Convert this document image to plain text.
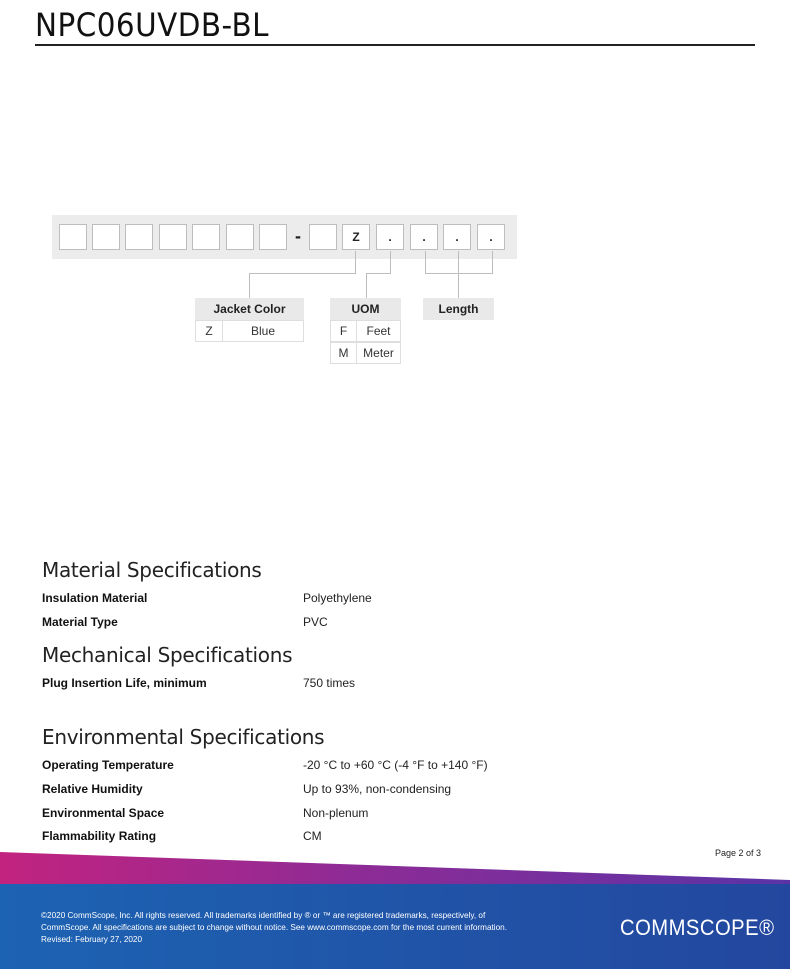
NPC06UVDB-BL
-	Z	.	.	.	.
Jacket Color
Z	Blue
UOM
F	Feet
M	Meter
Length
Material Specifications
Insulation Material	Polyethylene
Material Type	PVC
Mechanical Specifications
Plug Insertion Life, minimum	750 times
Environmental Specifications
Operating Temperature	-20 °C to +60 °C (-4 °F to +140 °F)
Relative Humidity	Up to 93%, non-condensing
Environmental Space	Non-plenum
Flammability Rating	CM
Page 2 of 3
©2020 CommScope, Inc. All rights reserved. All trademarks identified by ® or ™ are registered trademarks, respectively, of CommScope. All specifications are subject to change without notice. See www.commscope.com for the most current information. Revised: February 27, 2020	COMMSCOPE®
